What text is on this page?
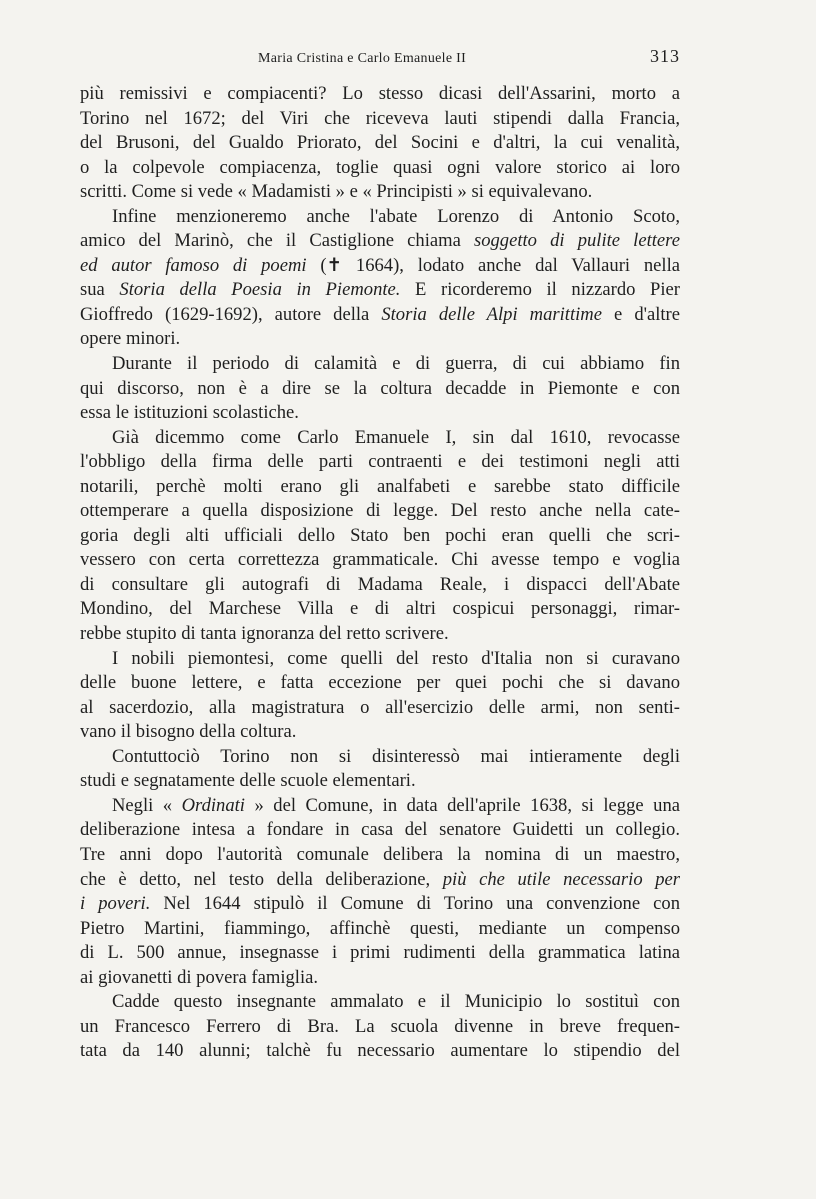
Maria Cristina e Carlo Emanuele II	313
più remissivi e compiacenti? Lo stesso dicasi dell'Assarini, morto a
Torino nel 1672; del Viri che riceveva lauti stipendi dalla Francia,
del Brusoni, del Gualdo Priorato, del Socini e d'altri, la cui venalità,
o la colpevole compiacenza, toglie quasi ogni valore storico ai loro
scritti. Come si vede « Madamisti » e « Principisti » si equivalevano.
Infine menzioneremo anche l'abate Lorenzo di Antonio Scoto,
amico del Marinò, che il Castiglione chiama soggetto di pulite lettere
ed autor famoso di poemi (✝ 1664), lodato anche dal Vallauri nella
sua Storia della Poesia in Piemonte. E ricorderemo il nizzardo Pier
Gioffredo (1629-1692), autore della Storia delle Alpi marittime e d'altre
opere minori.
Durante il periodo di calamità e di guerra, di cui abbiamo fin
qui discorso, non è a dire se la coltura decadde in Piemonte e con
essa le istituzioni scolastiche.
Già dicemmo come Carlo Emanuele I, sin dal 1610, revocasse
l'obbligo della firma delle parti contraenti e dei testimoni negli atti
notarili, perchè molti erano gli analfabeti e sarebbe stato difficile
ottemperare a quella disposizione di legge. Del resto anche nella cate-
goria degli alti ufficiali dello Stato ben pochi eran quelli che scri-
vessero con certa correttezza grammaticale. Chi avesse tempo e voglia
di consultare gli autografi di Madama Reale, i dispacci dell'Abate
Mondino, del Marchese Villa e di altri cospicui personaggi, rimar-
rebbe stupito di tanta ignoranza del retto scrivere.
I nobili piemontesi, come quelli del resto d'Italia non si curavano
delle buone lettere, e fatta eccezione per quei pochi che si davano
al sacerdozio, alla magistratura o all'esercizio delle armi, non senti-
vano il bisogno della coltura.
Contuttociò Torino non si disinteressò mai intieramente degli
studi e segnatamente delle scuole elementari.
Negli « Ordinati » del Comune, in data dell'aprile 1638, si legge una
deliberazione intesa a fondare in casa del senatore Guidetti un collegio.
Tre anni dopo l'autorità comunale delibera la nomina di un maestro,
che è detto, nel testo della deliberazione, più che utile necessario per
i poveri. Nel 1644 stipulò il Comune di Torino una convenzione con
Pietro Martini, fiammingo, affinchè questi, mediante un compenso
di L. 500 annue, insegnasse i primi rudimenti della grammatica latina
ai giovanetti di povera famiglia.
Cadde questo insegnante ammalato e il Municipio lo sostituì con
un Francesco Ferrero di Bra. La scuola divenne in breve frequen-
tata da 140 alunni; talchè fu necessario aumentare lo stipendio del
